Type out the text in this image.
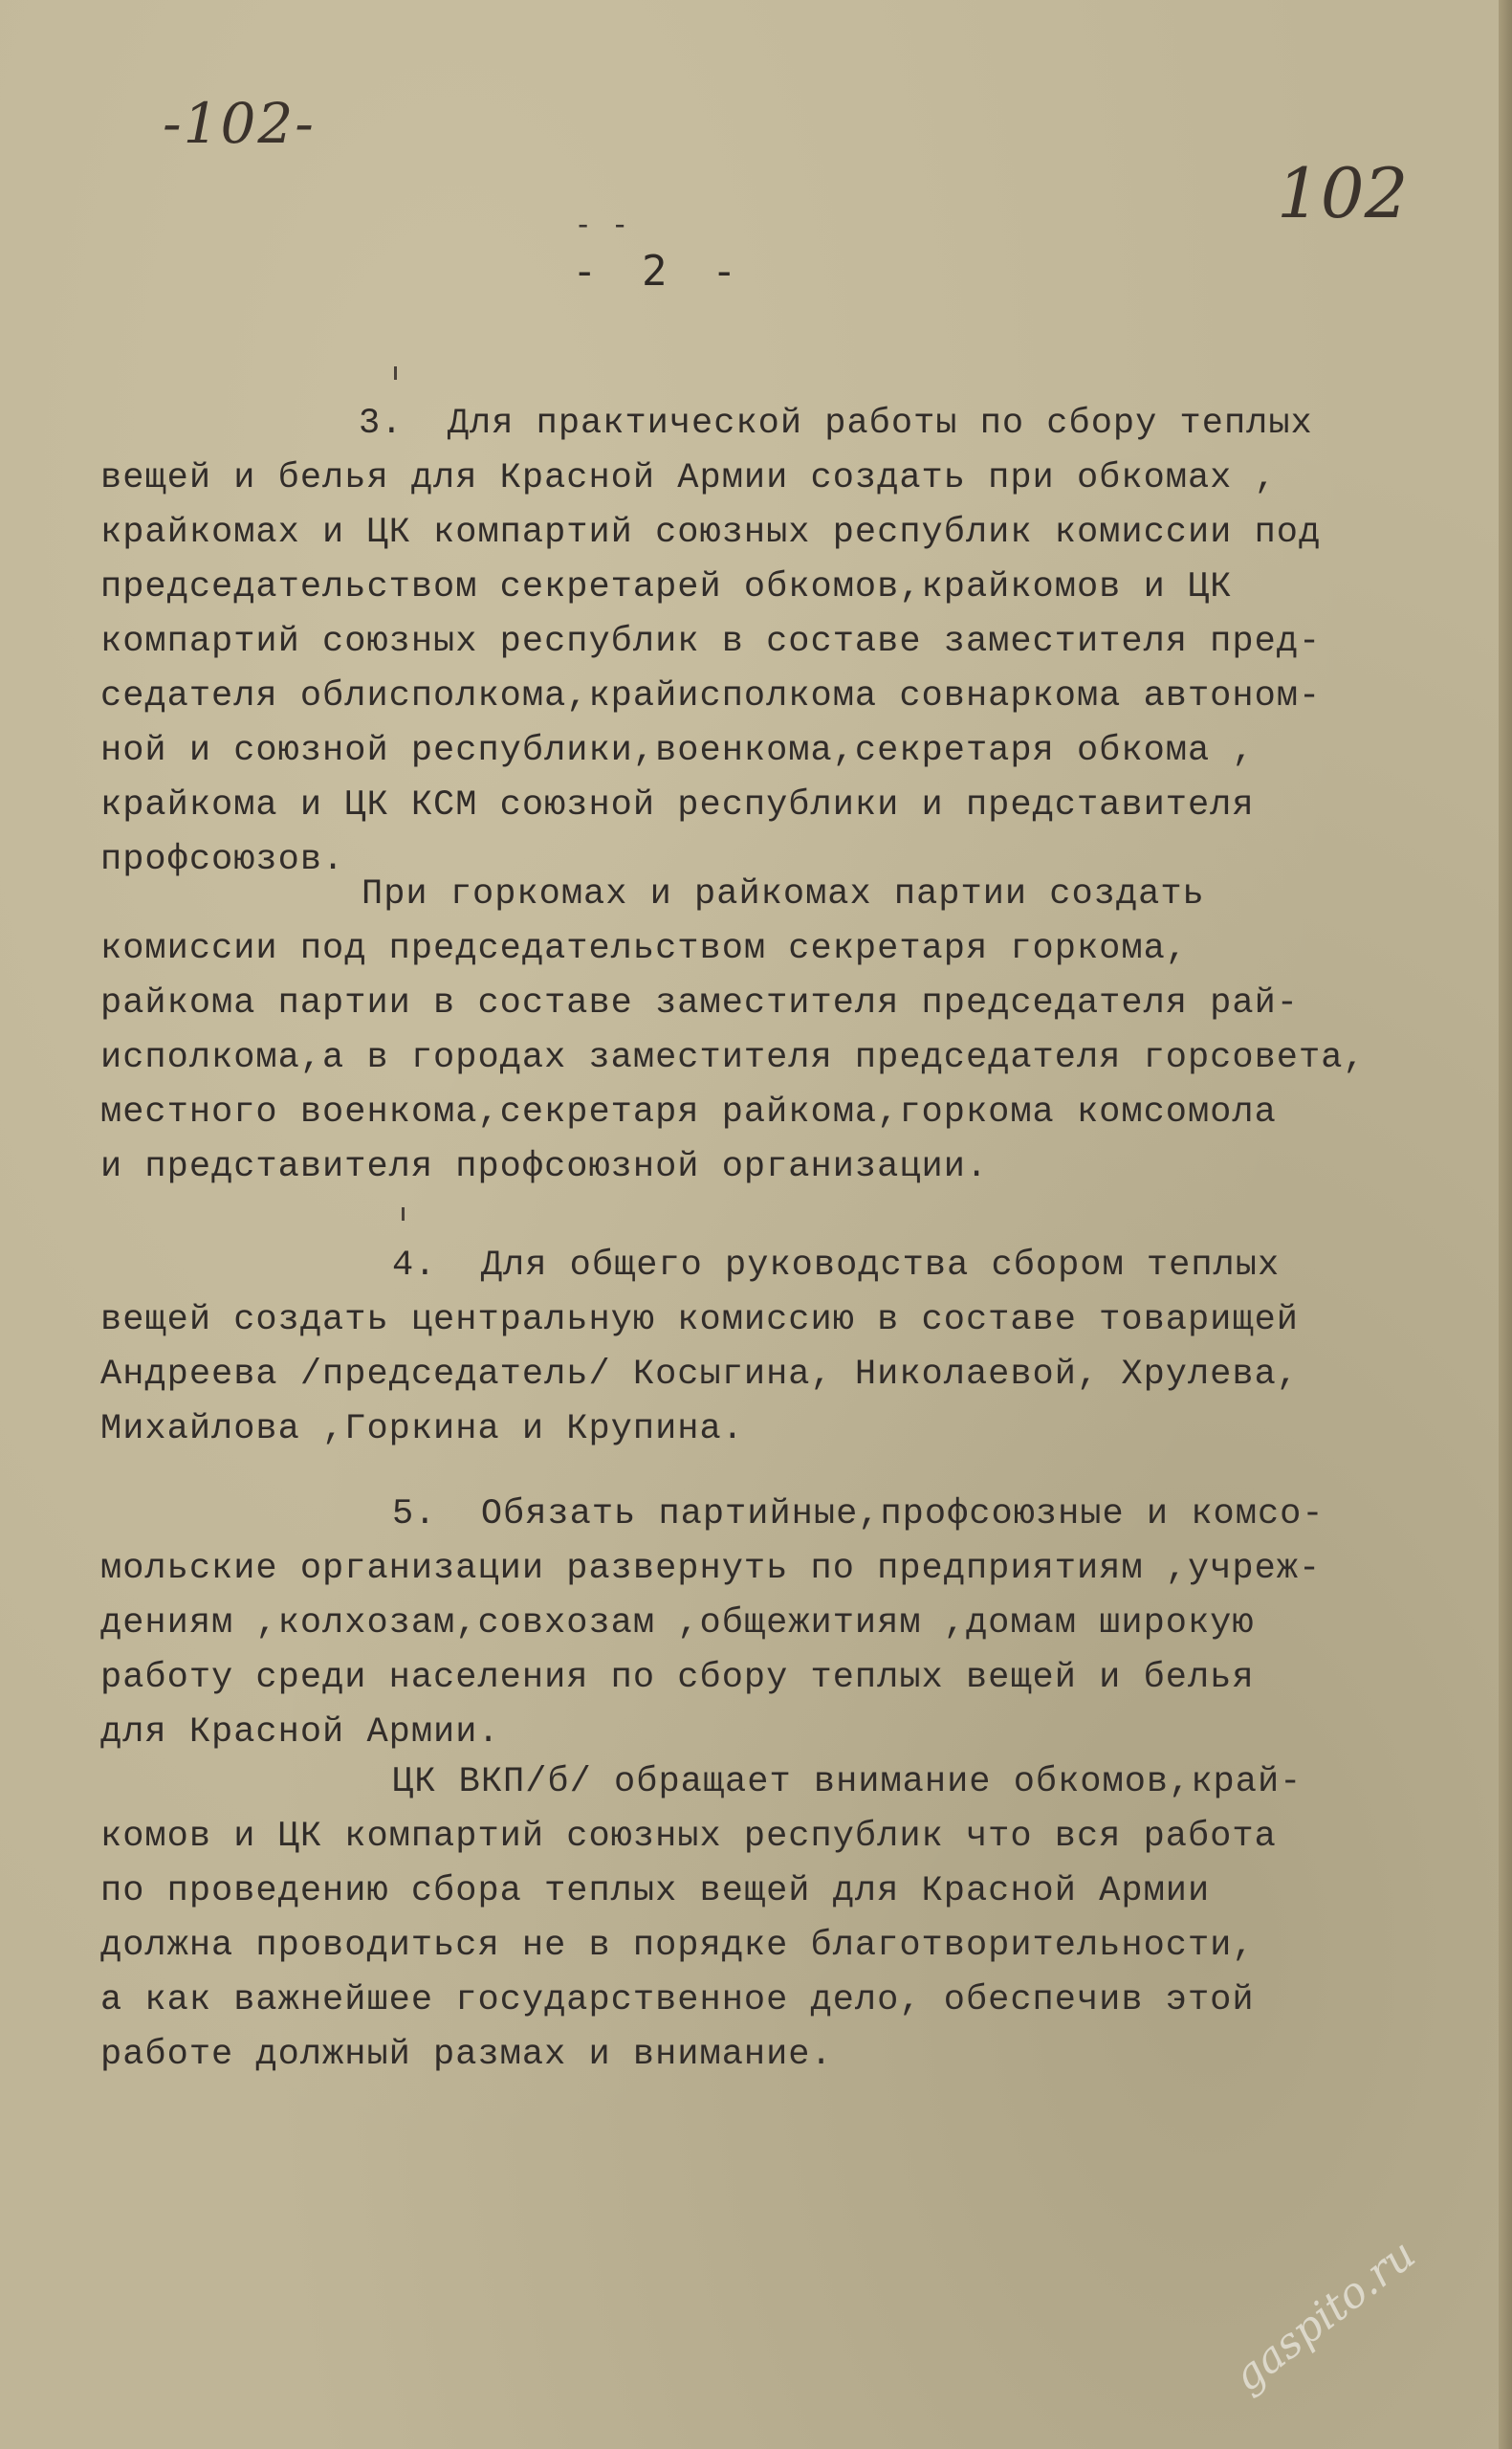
-102-
102
- -
- 2 -
3.  Для практической работы по сбору теплых
вещей и белья для Красной Армии создать при обкомах ,
крайкомах и ЦК компартий союзных республик комиссии под
председательством секретарей обкомов,крайкомов и ЦК
компартий союзных республик в составе заместителя пред-
седателя облисполкома,крайисполкома совнаркома автоном-
ной и союзной республики,военкома,секретаря обкома ,
крайкома и ЦК КСМ союзной республики и представителя
профсоюзов.
При горкомах и райкомах партии создать
комиссии под председательством секретаря горкома,
райкома партии в составе заместителя председателя рай-
исполкома,а в городах заместителя председателя горсовета,
местного военкома,секретаря райкома,горкома комсомола
и представителя профсоюзной организации.
4.  Для общего руководства сбором теплых
вещей создать центральную комиссию в составе товарищей
Андреева /председатель/ Косыгина, Николаевой, Хрулева,
Михайлова ,Горкина и Крупина.
5.  Обязать партийные,профсоюзные и комсо-
мольские организации развернуть по предприятиям ,учреж-
дениям ,колхозам,совхозам ,общежитиям ,домам широкую
работу среди населения по сбору теплых вещей и белья
для Красной Армии.
ЦК ВКП/б/ обращает внимание обкомов,край-
комов и ЦК компартий союзных республик что вся работа
по проведению сбора теплых вещей для Красной Армии
должна проводиться не в порядке благотворительности,
а как важнейшее государственное дело, обеспечив этой
работе должный размах и внимание.
gaspito.ru
